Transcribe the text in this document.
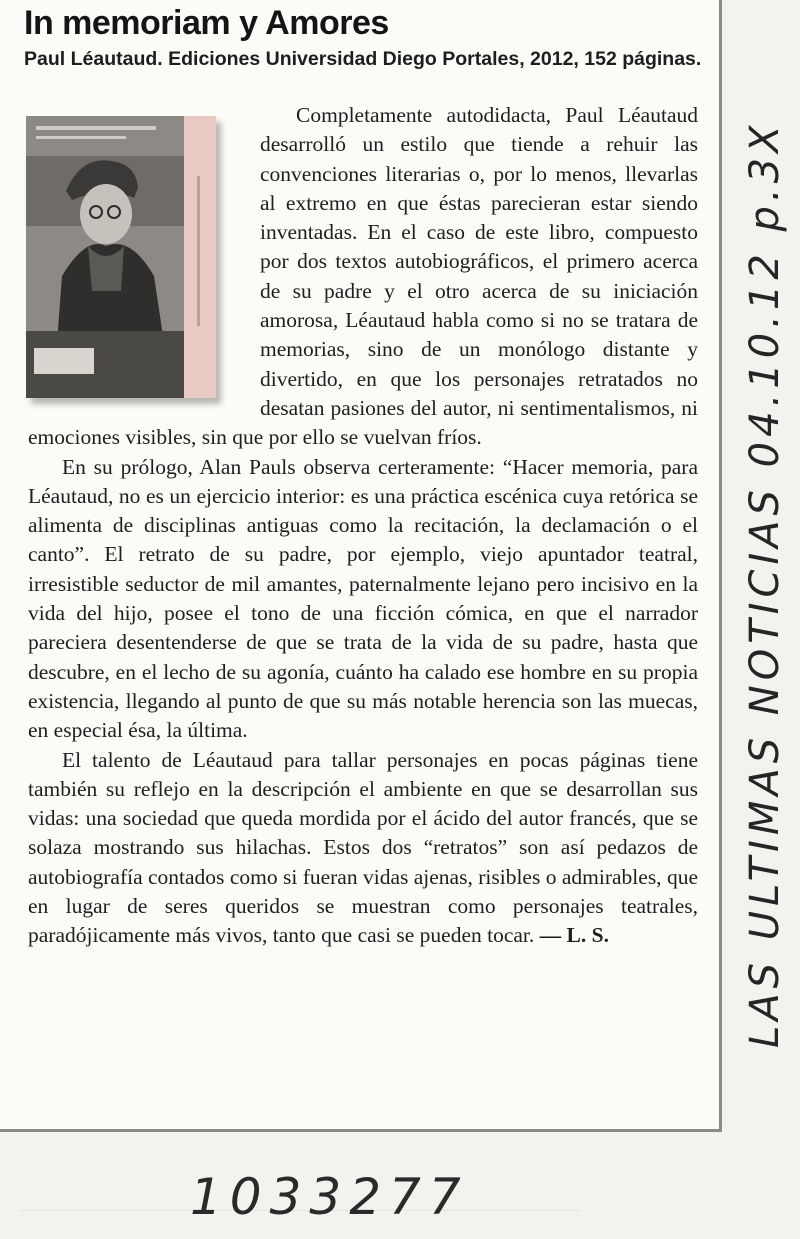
In memoriam y Amores

Paul Léautaud. Ediciones Universidad Diego Portales, 2012, 152 páginas.

Completamente autodidacta, Paul Léautaud desarrolló un estilo que tiende a rehuir las convenciones literarias o, por lo menos, llevarlas al extremo en que éstas parecieran estar siendo inventadas. En el caso de este libro, compuesto por dos textos autobiográficos, el primero acerca de su padre y el otro acerca de su iniciación amorosa, Léautaud habla como si no se tratara de memorias, sino de un monólogo distante y divertido, en que los personajes retratados no desatan pasiones del autor, ni sentimentalismos, ni emociones visibles, sin que por ello se vuelvan fríos.

En su prólogo, Alan Pauls observa certeramente: “Hacer memoria, para Léautaud, no es un ejercicio interior: es una práctica escénica cuya retórica se alimenta de disciplinas antiguas como la recitación, la declamación o el canto”. El retrato de su padre, por ejemplo, viejo apuntador teatral, irresistible seductor de mil amantes, paternalmente lejano pero incisivo en la vida del hijo, posee el tono de una ficción cómica, en que el narrador pareciera desentenderse de que se trata de la vida de su padre, hasta que descubre, en el lecho de su agonía, cuánto ha calado ese hombre en su propia existencia, llegando al punto de que su más notable herencia son las muecas, en especial ésa, la última.

El talento de Léautaud para tallar personajes en pocas páginas tiene también su reflejo en la descripción el ambiente en que se desarrollan sus vidas: una sociedad que queda mordida por el ácido del autor francés, que se solaza mostrando sus hilachas. Estos dos “retratos” son así pedazos de autobiografía contados como si fueran vidas ajenas, risibles o admirables, que en lugar de seres queridos se muestran como personajes teatrales, paradójicamente más vivos, tanto que casi se pueden tocar. — L. S.	LAS ULTIMAS NOTICIAS 04.10.12 p.3X
1033277
